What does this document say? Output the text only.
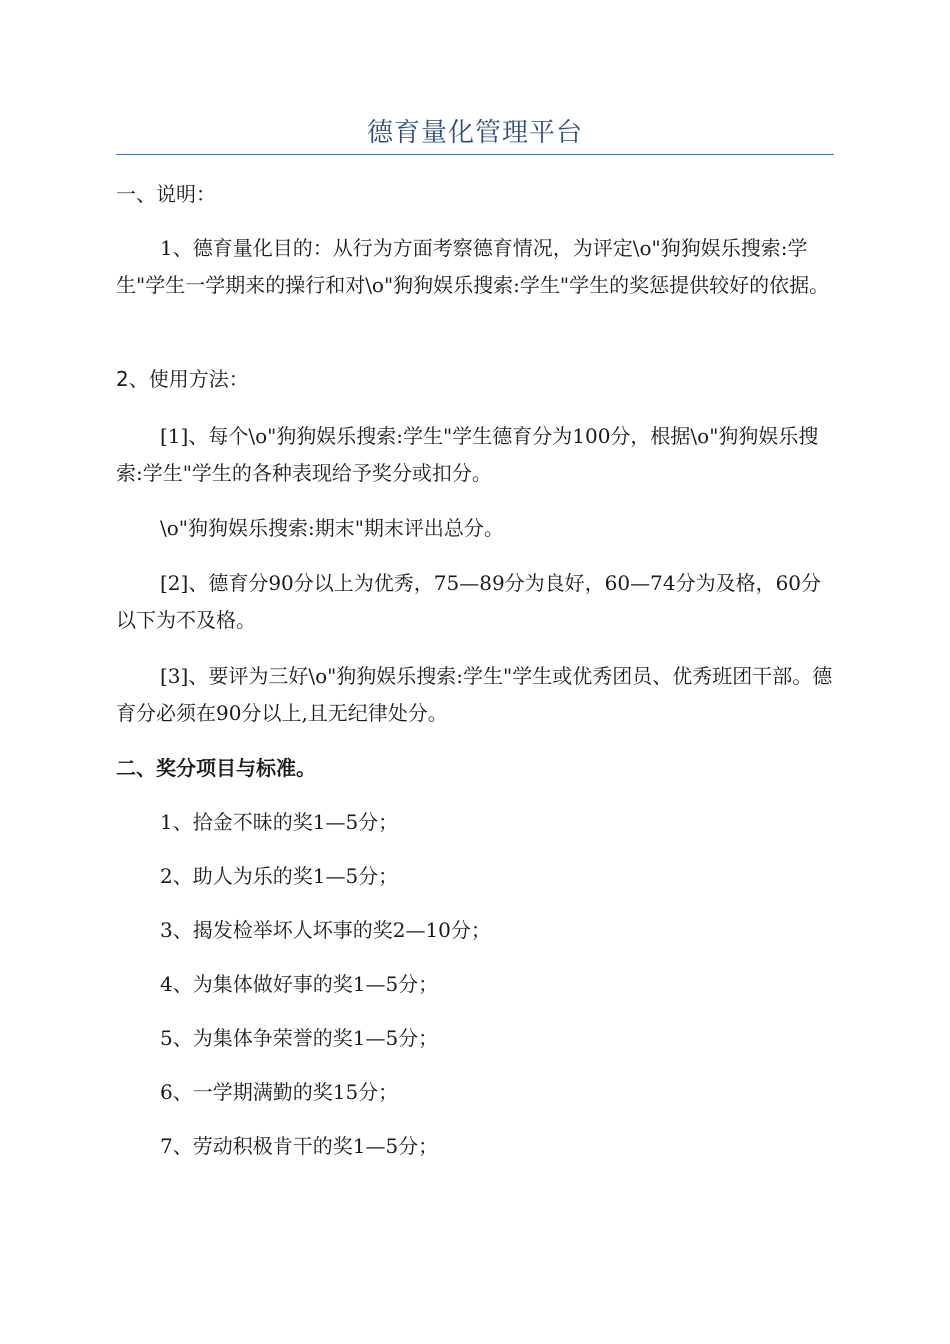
德育量化管理平台

一、说明：

1、德育量化目的：从行为方面考察德育情况，为评定\o"狗狗娱乐搜索:学生"学生一学期来的操行和对\o"狗狗娱乐搜索:学生"学生的奖惩提供较好的依据。

2、使用方法：

[1]、每个\o"狗狗娱乐搜索:学生"学生德育分为100分，根据\o"狗狗娱乐搜索:学生"学生的各种表现给予奖分或扣分。

\o"狗狗娱乐搜索:期末"期末评出总分。

[2]、德育分90分以上为优秀，75—89分为良好，60—74分为及格，60分以下为不及格。

[3]、要评为三好\o"狗狗娱乐搜索:学生"学生或优秀团员、优秀班团干部。德育分必须在90分以上,且无纪律处分。

二、奖分项目与标准。

1、拾金不昧的奖1—5分；

2、助人为乐的奖1—5分；

3、揭发检举坏人坏事的奖2—10分；

4、为集体做好事的奖1—5分；

5、为集体争荣誉的奖1—5分；

6、一学期满勤的奖15分；

7、劳动积极肯干的奖1—5分；
